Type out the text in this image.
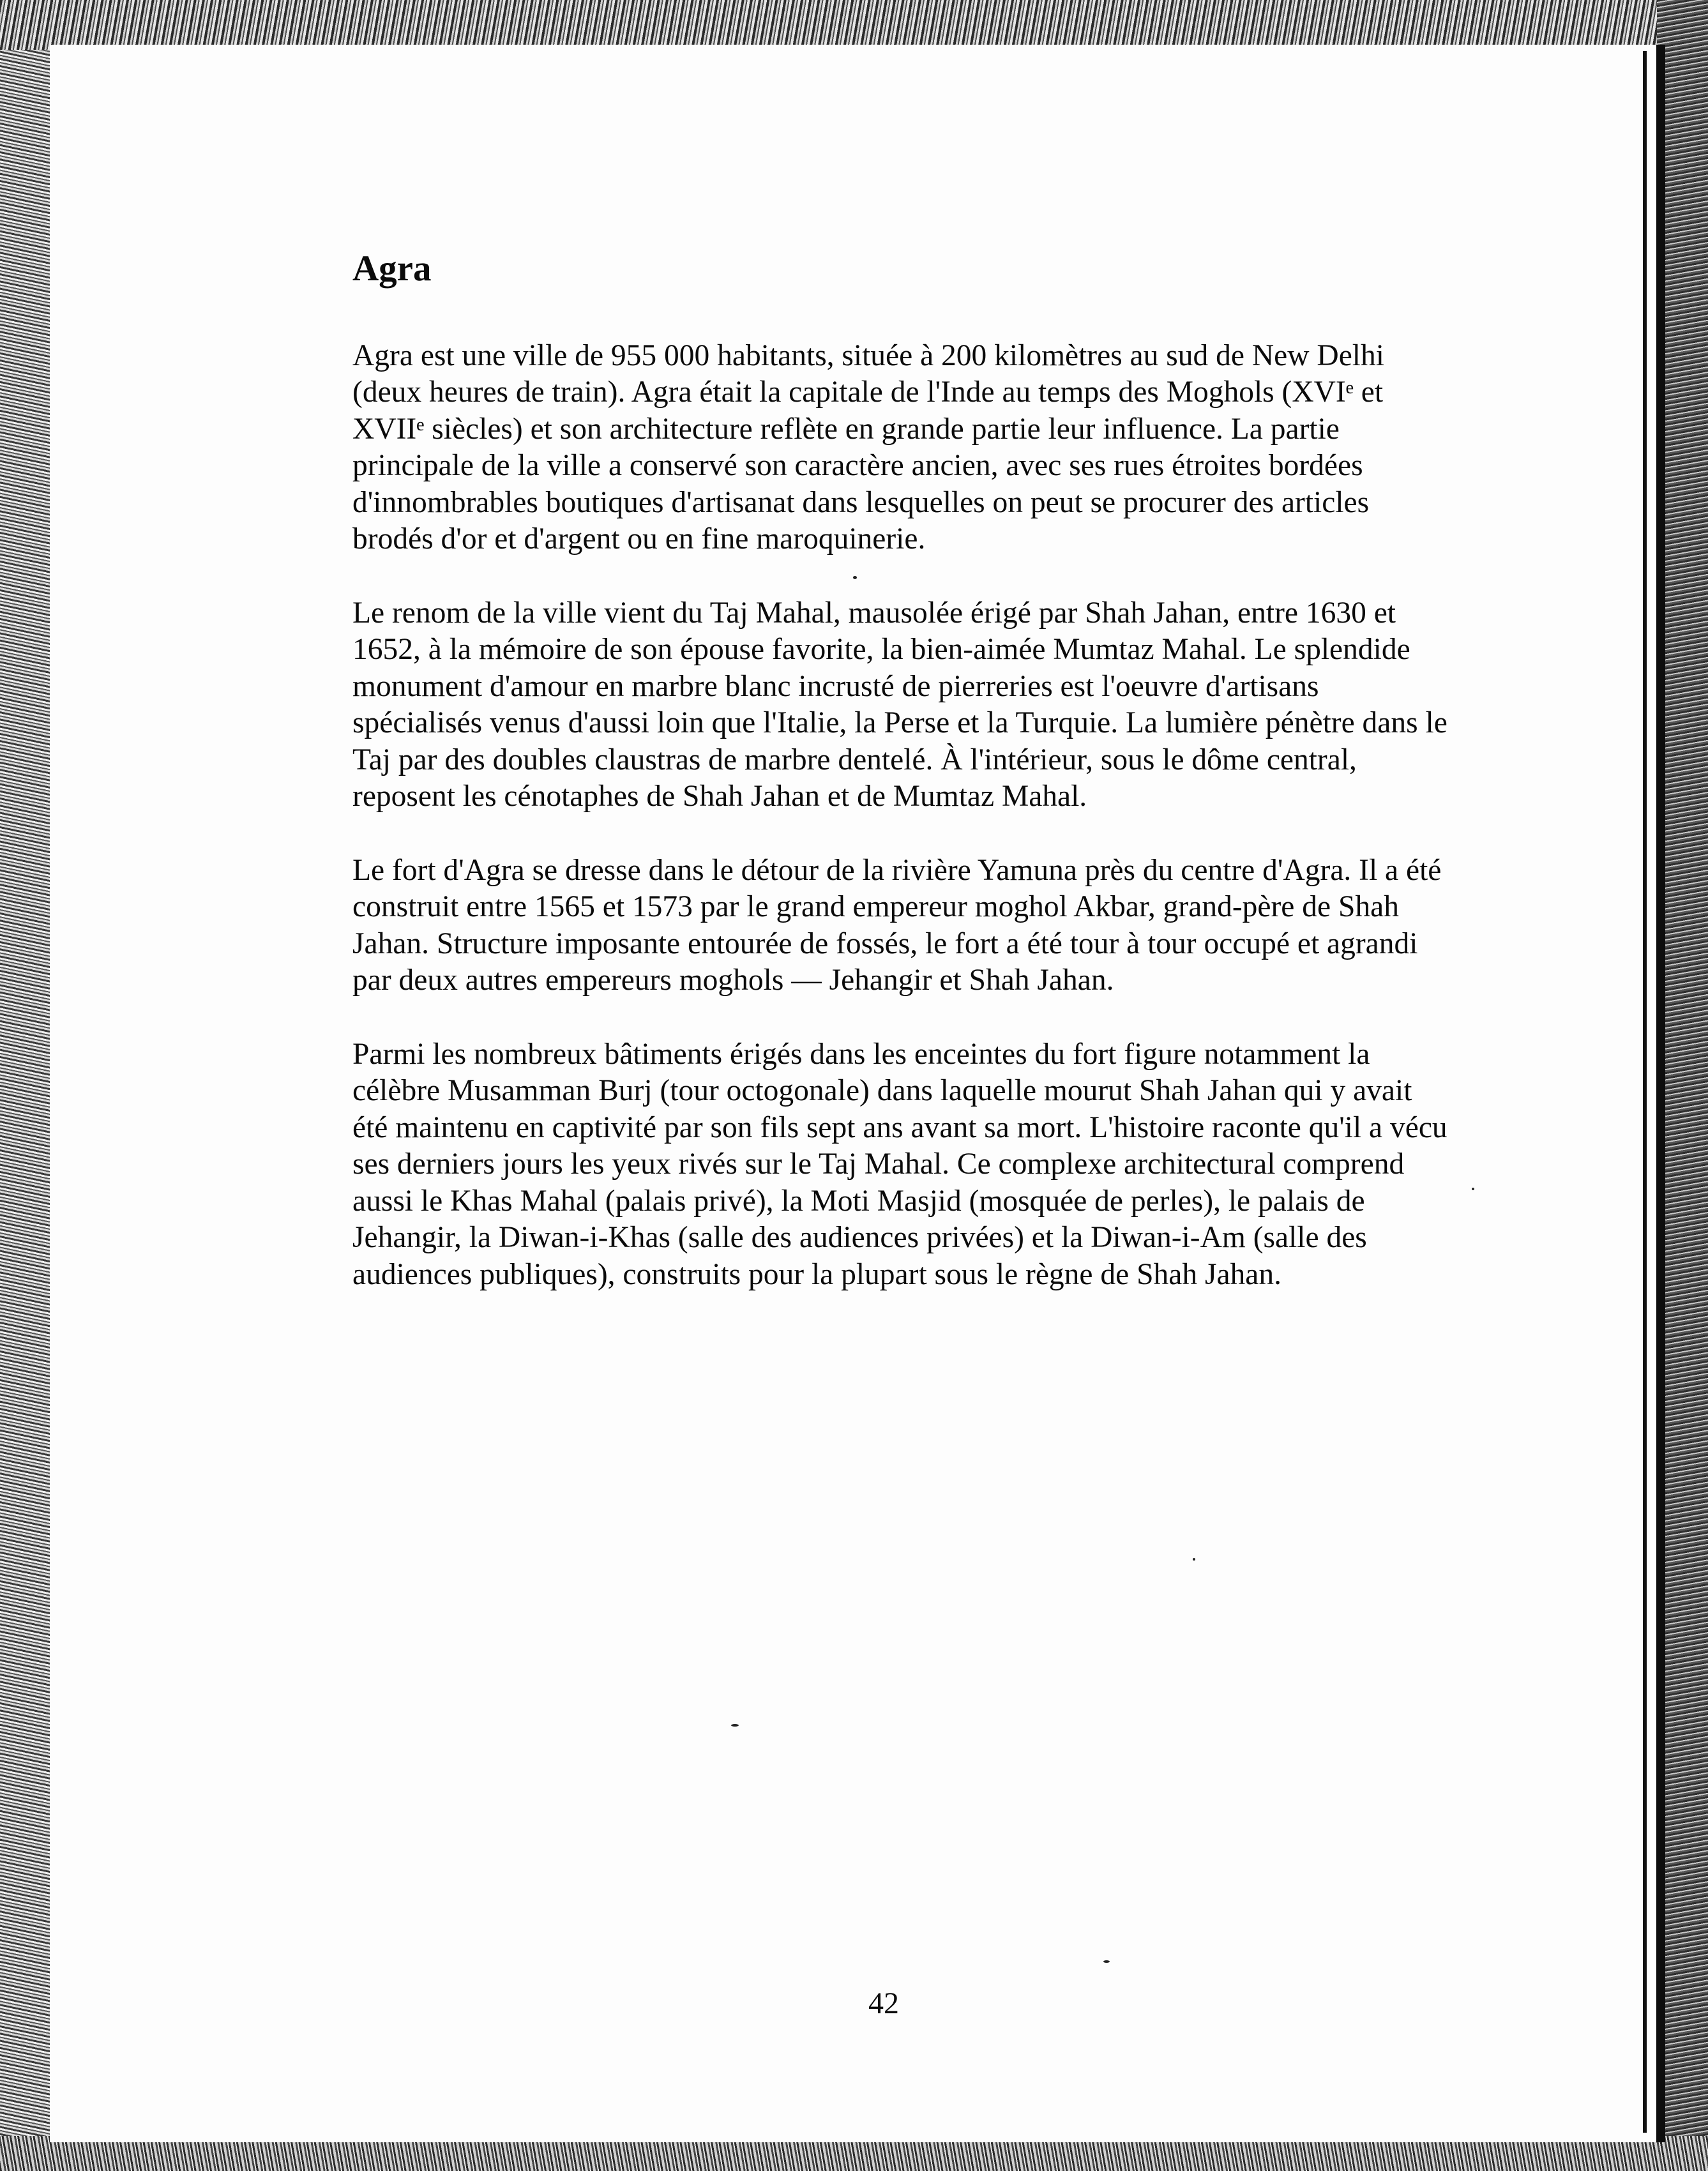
Agra

Agra est une ville de 955 000 habitants, située à 200 kilomètres au sud de New Delhi (deux heures de train). Agra était la capitale de l'Inde au temps des Moghols (XVIᵉ et XVIIᵉ siècles) et son architecture reflète en grande partie leur influence. La partie principale de la ville a conservé son caractère ancien, avec ses rues étroites bordées d'innombrables boutiques d'artisanat dans lesquelles on peut se procurer des articles brodés d'or et d'argent ou en fine maroquinerie.

Le renom de la ville vient du Taj Mahal, mausolée érigé par Shah Jahan, entre 1630 et 1652, à la mémoire de son épouse favorite, la bien-aimée Mumtaz Mahal. Le splendide monument d'amour en marbre blanc incrusté de pierreries est l'oeuvre d'artisans spécialisés venus d'aussi loin que l'Italie, la Perse et la Turquie. La lumière pénètre dans le Taj par des doubles claustras de marbre dentelé. À l'intérieur, sous le dôme central, reposent les cénotaphes de Shah Jahan et de Mumtaz Mahal.

Le fort d'Agra se dresse dans le détour de la rivière Yamuna près du centre d'Agra. Il a été construit entre 1565 et 1573 par le grand empereur moghol Akbar, grand-père de Shah Jahan. Structure imposante entourée de fossés, le fort a été tour à tour occupé et agrandi par deux autres empereurs moghols — Jehangir et Shah Jahan.

Parmi les nombreux bâtiments érigés dans les enceintes du fort figure notamment la célèbre Musamman Burj (tour octogonale) dans laquelle mourut Shah Jahan qui y avait été maintenu en captivité par son fils sept ans avant sa mort. L'histoire raconte qu'il a vécu ses derniers jours les yeux rivés sur le Taj Mahal. Ce complexe architectural comprend aussi le Khas Mahal (palais privé), la Moti Masjid (mosquée de perles), le palais de Jehangir, la Diwan-i-Khas (salle des audiences privées) et la Diwan-i-Am (salle des audiences publiques), construits pour la plupart sous le règne de Shah Jahan.

42
